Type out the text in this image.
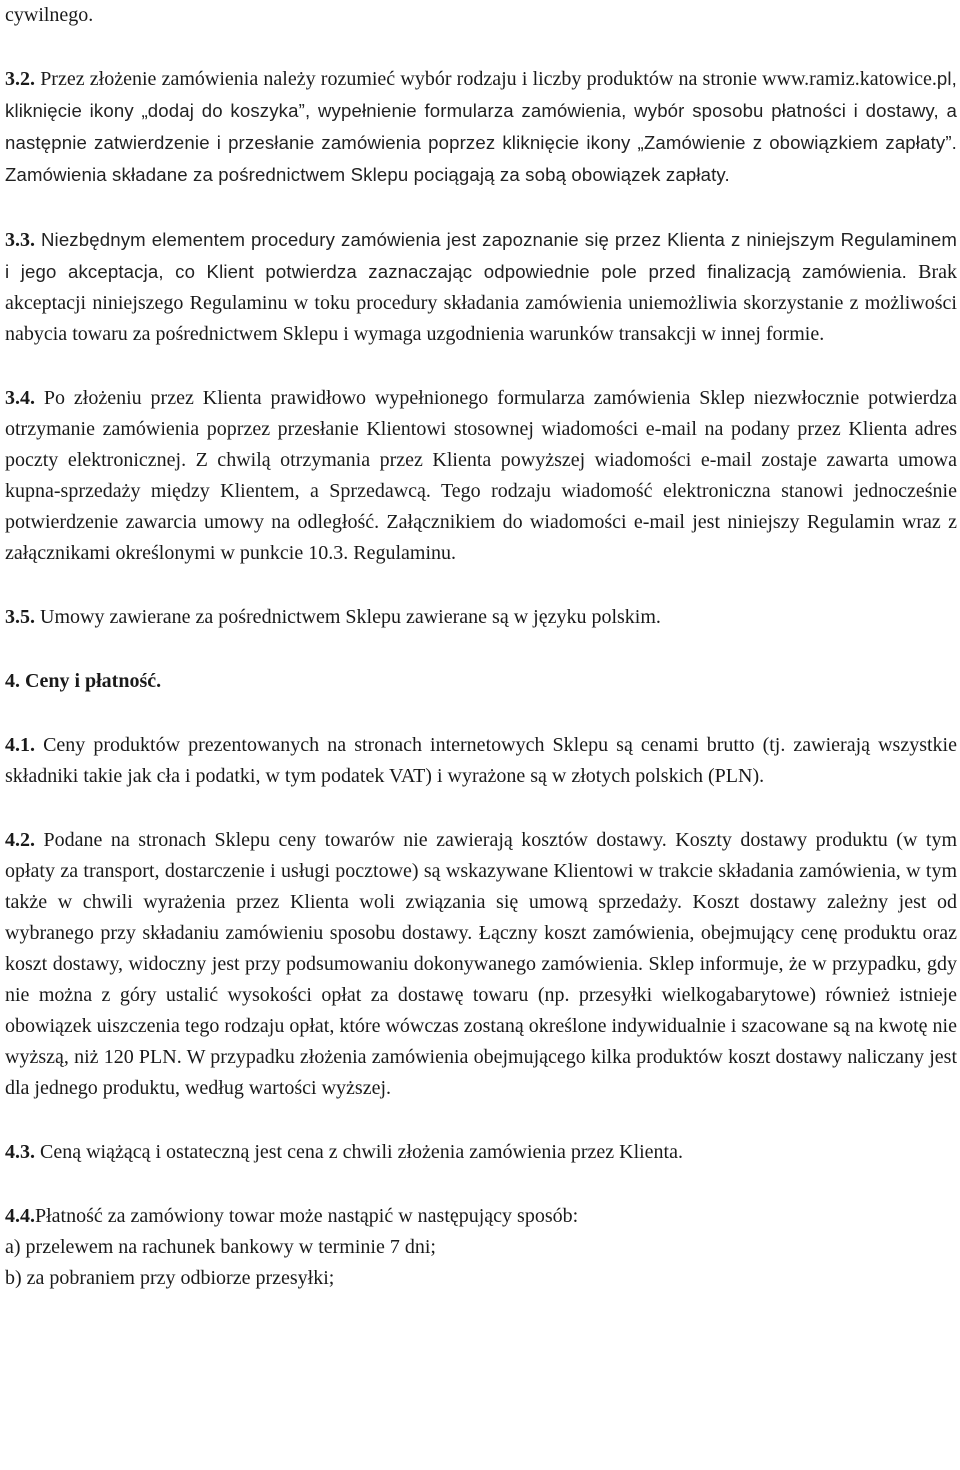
cywilnego.

3.2. Przez złożenie zamówienia należy rozumieć wybór rodzaju i liczby produktów na stronie www.ramiz.katowice.pl, kliknięcie ikony „dodaj do koszyka”, wypełnienie formularza zamówienia, wybór sposobu płatności i dostawy, a następnie zatwierdzenie i przesłanie zamówienia poprzez kliknięcie ikony „Zamówienie z obowiązkiem zapłaty”. Zamówienia składane za pośrednictwem Sklepu pociągają za sobą obowiązek zapłaty.

3.3. Niezbędnym elementem procedury zamówienia jest zapoznanie się przez Klienta z niniejszym Regulaminem i jego akceptacja, co Klient potwierdza zaznaczając odpowiednie pole przed finalizacją zamówienia. Brak akceptacji niniejszego Regulaminu w toku procedury składania zamówienia uniemożliwia skorzystanie z możliwości nabycia towaru za pośrednictwem Sklepu i wymaga uzgodnienia warunków transakcji w innej formie.

3.4. Po złożeniu przez Klienta prawidłowo wypełnionego formularza zamówienia Sklep niezwłocznie potwierdza otrzymanie zamówienia poprzez przesłanie Klientowi stosownej wiadomości e-mail na podany przez Klienta adres poczty elektronicznej. Z chwilą otrzymania przez Klienta powyższej wiadomości e-mail zostaje zawarta umowa kupna-sprzedaży między Klientem, a Sprzedawcą. Tego rodzaju wiadomość elektroniczna stanowi jednocześnie potwierdzenie zawarcia umowy na odległość. Załącznikiem do wiadomości e-mail jest niniejszy Regulamin wraz z załącznikami określonymi w punkcie 10.3. Regulaminu.

3.5. Umowy zawierane za pośrednictwem Sklepu zawierane są w języku polskim.

4. Ceny i płatność.

4.1. Ceny produktów prezentowanych na stronach internetowych Sklepu są cenami brutto (tj. zawierają wszystkie składniki takie jak cła i podatki, w tym podatek VAT) i wyrażone są w złotych polskich (PLN).

4.2. Podane na stronach Sklepu ceny towarów nie zawierają kosztów dostawy. Koszty dostawy produktu (w tym opłaty za transport, dostarczenie i usługi pocztowe) są wskazywane Klientowi w trakcie składania zamówienia, w tym także w chwili wyrażenia przez Klienta woli związania się umową sprzedaży. Koszt dostawy zależny jest od wybranego przy składaniu zamówieniu sposobu dostawy. Łączny koszt zamówienia, obejmujący cenę produktu oraz koszt dostawy, widoczny jest przy podsumowaniu dokonywanego zamówienia. Sklep informuje, że w przypadku, gdy nie można z góry ustalić wysokości opłat za dostawę towaru (np. przesyłki wielkogabarytowe) również istnieje obowiązek uiszczenia tego rodzaju opłat, które wówczas zostaną określone indywidualnie i szacowane są na kwotę nie wyższą, niż 120 PLN. W przypadku złożenia zamówienia obejmującego kilka produktów koszt dostawy naliczany jest dla jednego produktu, według wartości wyższej.

4.3. Ceną wiążącą i ostateczną jest cena z chwili złożenia zamówienia przez Klienta.

4.4.Płatność za zamówiony towar może nastąpić w następujący sposób:

a) przelewem na rachunek bankowy w terminie 7 dni;

b) za pobraniem przy odbiorze przesyłki;
